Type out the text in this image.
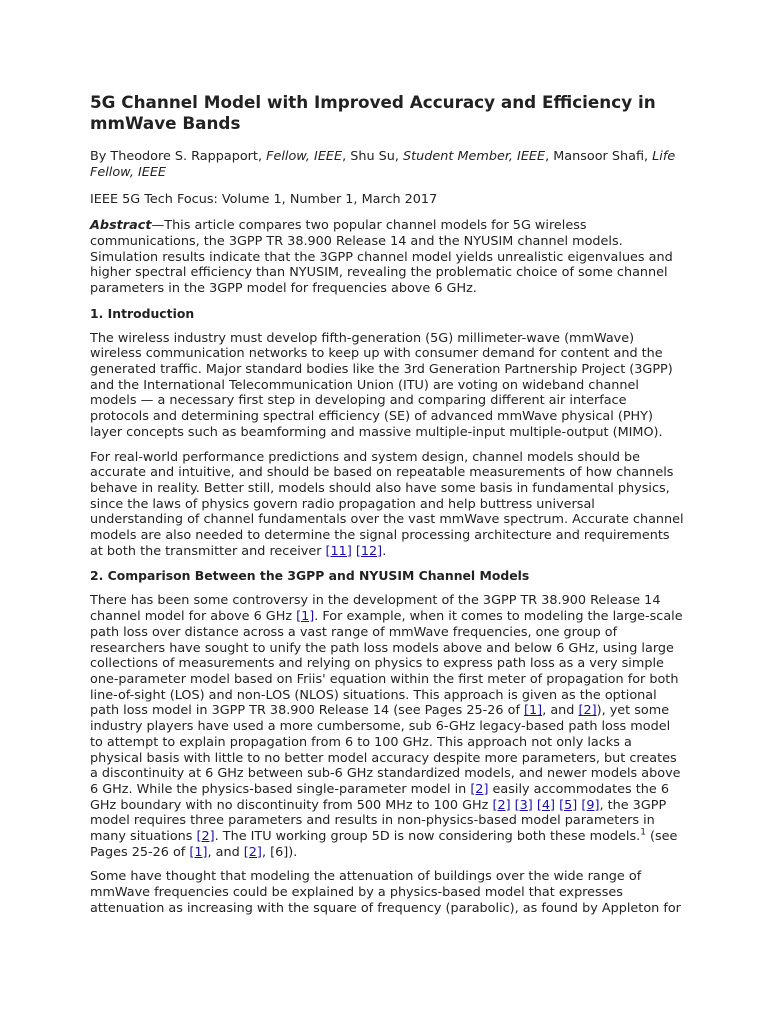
5G Channel Model with Improved Accuracy and Efficiency in mmWave Bands
By Theodore S. Rappaport, Fellow, IEEE, Shu Su, Student Member, IEEE, Mansoor Shafi, Life Fellow, IEEE
IEEE 5G Tech Focus: Volume 1, Number 1, March 2017

Abstract—This article compares two popular channel models for 5G wireless communications, the 3GPP TR 38.900 Release 14 and the NYUSIM channel models. Simulation results indicate that the 3GPP channel model yields unrealistic eigenvalues and higher spectral efficiency than NYUSIM, revealing the problematic choice of some channel parameters in the 3GPP model for frequencies above 6 GHz.

1. Introduction

The wireless industry must develop fifth-generation (5G) millimeter-wave (mmWave) wireless communication networks to keep up with consumer demand for content and the generated traffic. Major standard bodies like the 3rd Generation Partnership Project (3GPP) and the International Telecommunication Union (ITU) are voting on wideband channel models — a necessary first step in developing and comparing different air interface protocols and determining spectral efficiency (SE) of advanced mmWave physical (PHY) layer concepts such as beamforming and massive multiple-input multiple-output (MIMO).

For real-world performance predictions and system design, channel models should be accurate and intuitive, and should be based on repeatable measurements of how channels behave in reality. Better still, models should also have some basis in fundamental physics, since the laws of physics govern radio propagation and help buttress universal understanding of channel fundamentals over the vast mmWave spectrum. Accurate channel models are also needed to determine the signal processing architecture and requirements at both the transmitter and receiver [11] [12].

2. Comparison Between the 3GPP and NYUSIM Channel Models

There has been some controversy in the development of the 3GPP TR 38.900 Release 14 channel model for above 6 GHz [1]. For example, when it comes to modeling the large-scale path loss over distance across a vast range of mmWave frequencies, one group of researchers have sought to unify the path loss models above and below 6 GHz, using large collections of measurements and relying on physics to express path loss as a very simple one-parameter model based on Friis' equation within the first meter of propagation for both line-of-sight (LOS) and non-LOS (NLOS) situations. This approach is given as the optional path loss model in 3GPP TR 38.900 Release 14 (see Pages 25-26 of [1], and [2]), yet some industry players have used a more cumbersome, sub 6-GHz legacy-based path loss model to attempt to explain propagation from 6 to 100 GHz. This approach not only lacks a physical basis with little to no better model accuracy despite more parameters, but creates a discontinuity at 6 GHz between sub-6 GHz standardized models, and newer models above 6 GHz. While the physics-based single-parameter model in [2] easily accommodates the 6 GHz boundary with no discontinuity from 500 MHz to 100 GHz [2] [3] [4] [5] [9], the 3GPP model requires three parameters and results in non-physics-based model parameters in many situations [2]. The ITU working group 5D is now considering both these models.$^1$ (see Pages 25-26 of [1], and [2], [6]).

Some have thought that modeling the attenuation of buildings over the wide range of mmWave frequencies could be explained by a physics-based model that expresses attenuation as increasing with the square of frequency (parabolic), as found by Appleton for
